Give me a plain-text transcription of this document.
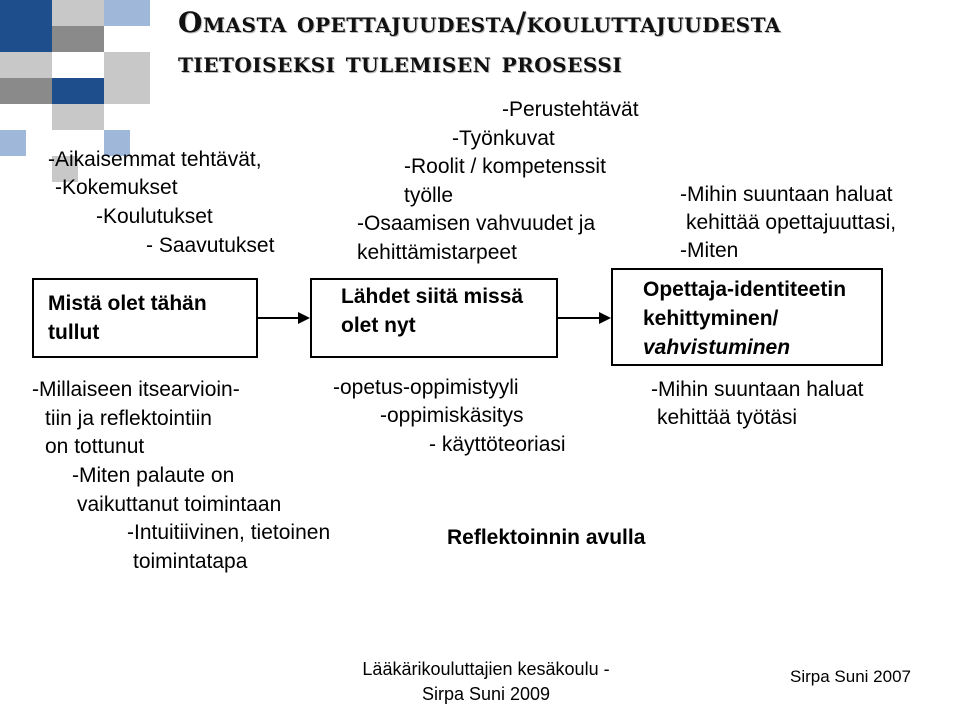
Omasta opettajuudesta/kouluttajuudesta
tietoiseksi tulemisen prosessi
-Aikaisemmat tehtävät,
-Kokemukset
-Koulutukset
- Saavutukset
-Perustehtävät
-Työnkuvat
-Roolit / kompetenssit
työlle
-Osaamisen vahvuudet ja
kehittämistarpeet
-Mihin suuntaan haluat
kehittää opettajuuttasi,
-Miten
Mistä olet tähän
tullut
Lähdet siitä missä
olet nyt
Opettaja-identiteetin
kehittyminen/
vahvistuminen
-Millaiseen itsearvioin-
tiin ja reflektointiin
on tottunut
-Miten palaute on
vaikuttanut toimintaan
-Intuitiivinen, tietoinen
toimintatapa
-opetus-oppimistyyli
-oppimiskäsitys
- käyttöteoriasi
-Mihin suuntaan haluat
kehittää työtäsi
Reflektoinnin avulla
Lääkärikouluttajien kesäkoulu -
Sirpa Suni 2009
Sirpa Suni 2007
